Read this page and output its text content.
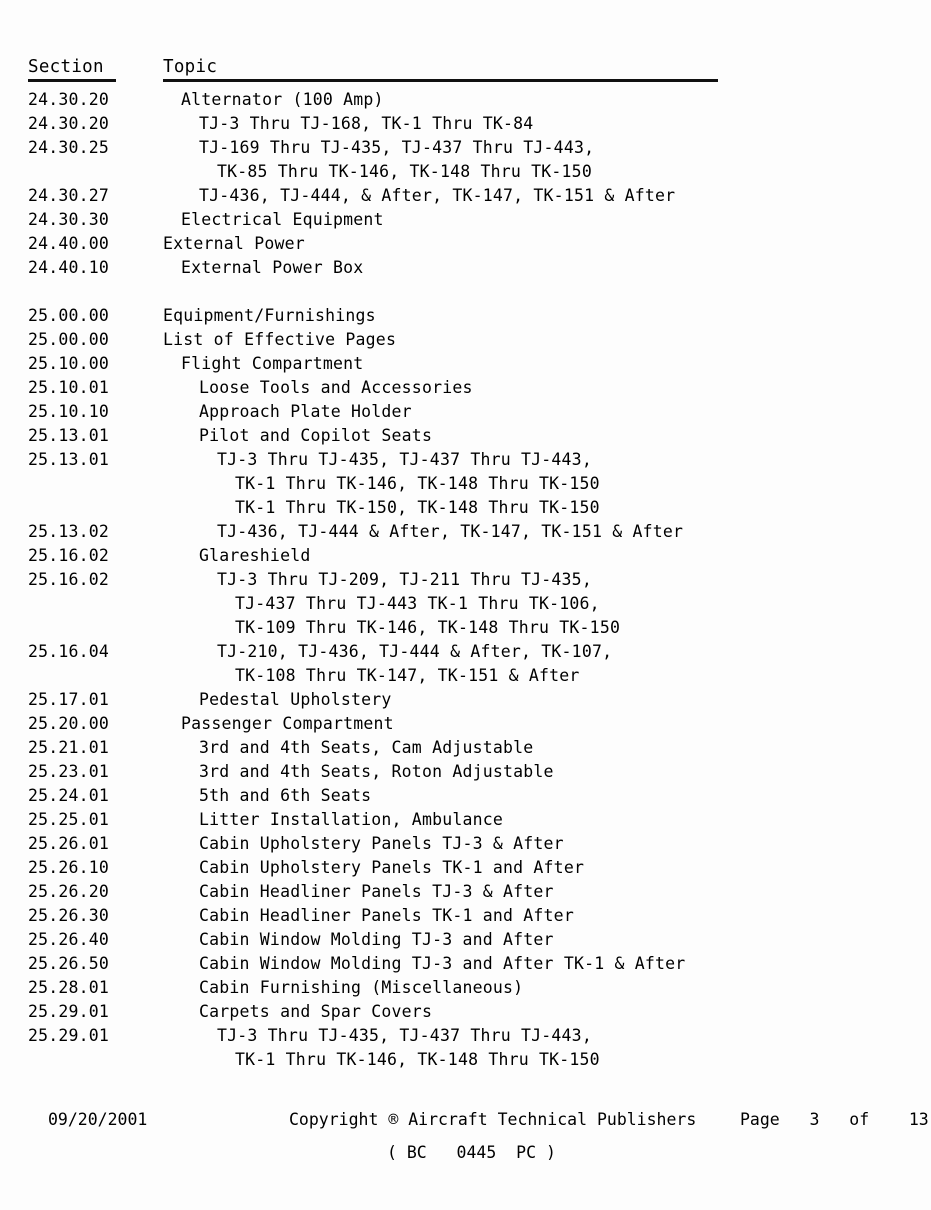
Section	Topic
24.30.20	Alternator (100 Amp)
24.30.20	TJ-3 Thru TJ-168, TK-1 Thru TK-84
24.30.25	TJ-169 Thru TJ-435, TJ-437 Thru TJ-443,
TK-85 Thru TK-146, TK-148 Thru TK-150
24.30.27	TJ-436, TJ-444, & After, TK-147, TK-151 & After
24.30.30	Electrical Equipment
24.40.00	External Power
24.40.10	External Power Box
25.00.00	Equipment/Furnishings
25.00.00	List of Effective Pages
25.10.00	Flight Compartment
25.10.01	Loose Tools and Accessories
25.10.10	Approach Plate Holder
25.13.01	Pilot and Copilot Seats
25.13.01	TJ-3 Thru TJ-435, TJ-437 Thru TJ-443,
TK-1 Thru TK-146, TK-148 Thru TK-150
TK-1 Thru TK-150, TK-148 Thru TK-150
25.13.02	TJ-436, TJ-444 & After, TK-147, TK-151 & After
25.16.02	Glareshield
25.16.02	TJ-3 Thru TJ-209, TJ-211 Thru TJ-435,
TJ-437 Thru TJ-443 TK-1 Thru TK-106,
TK-109 Thru TK-146, TK-148 Thru TK-150
25.16.04	TJ-210, TJ-436, TJ-444 & After, TK-107,
TK-108 Thru TK-147, TK-151 & After
25.17.01	Pedestal Upholstery
25.20.00	Passenger Compartment
25.21.01	3rd and 4th Seats, Cam Adjustable
25.23.01	3rd and 4th Seats, Roton Adjustable
25.24.01	5th and 6th Seats
25.25.01	Litter Installation, Ambulance
25.26.01	Cabin Upholstery Panels TJ-3 & After
25.26.10	Cabin Upholstery Panels TK-1 and After
25.26.20	Cabin Headliner Panels TJ-3 & After
25.26.30	Cabin Headliner Panels TK-1 and After
25.26.40	Cabin Window Molding TJ-3 and After
25.26.50	Cabin Window Molding TJ-3 and After TK-1 & After
25.28.01	Cabin Furnishing (Miscellaneous)
25.29.01	Carpets and Spar Covers
25.29.01	TJ-3 Thru TJ-435, TJ-437 Thru TJ-443,
TK-1 Thru TK-146, TK-148 Thru TK-150
09/20/2001	Copyright ® Aircraft Technical Publishers	Page   3   of    13
( BC   0445  PC )
